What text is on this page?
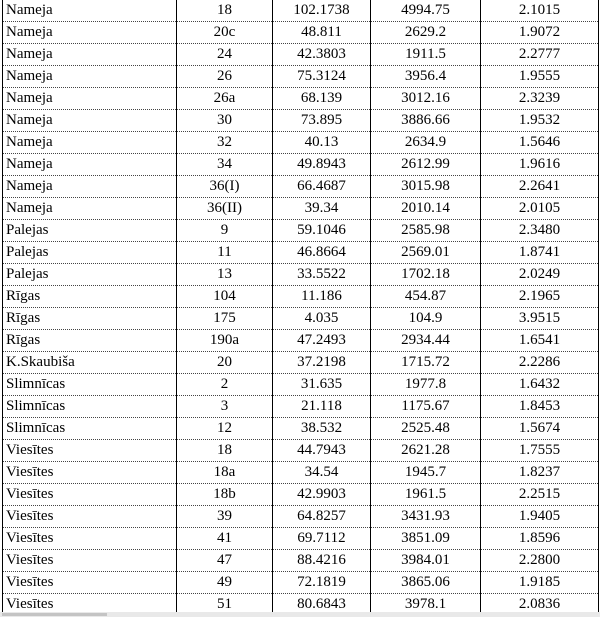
Nameja	18	102.1738	4994.75	2.1015
Nameja	20c	48.811	2629.2	1.9072
Nameja	24	42.3803	1911.5	2.2777
Nameja	26	75.3124	3956.4	1.9555
Nameja	26a	68.139	3012.16	2.3239
Nameja	30	73.895	3886.66	1.9532
Nameja	32	40.13	2634.9	1.5646
Nameja	34	49.8943	2612.99	1.9616
Nameja	36(I)	66.4687	3015.98	2.2641
Nameja	36(II)	39.34	2010.14	2.0105
Palejas	9	59.1046	2585.98	2.3480
Palejas	11	46.8664	2569.01	1.8741
Palejas	13	33.5522	1702.18	2.0249
Rīgas	104	11.186	454.87	2.1965
Rīgas	175	4.035	104.9	3.9515
Rīgas	190a	47.2493	2934.44	1.6541
K.Skaubiša	20	37.2198	1715.72	2.2286
Slimnīcas	2	31.635	1977.8	1.6432
Slimnīcas	3	21.118	1175.67	1.8453
Slimnīcas	12	38.532	2525.48	1.5674
Viesītes	18	44.7943	2621.28	1.7555
Viesītes	18a	34.54	1945.7	1.8237
Viesītes	18b	42.9903	1961.5	2.2515
Viesītes	39	64.8257	3431.93	1.9405
Viesītes	41	69.7112	3851.09	1.8596
Viesītes	47	88.4216	3984.01	2.2800
Viesītes	49	72.1819	3865.06	1.9185
Viesītes	51	80.6843	3978.1	2.0836
